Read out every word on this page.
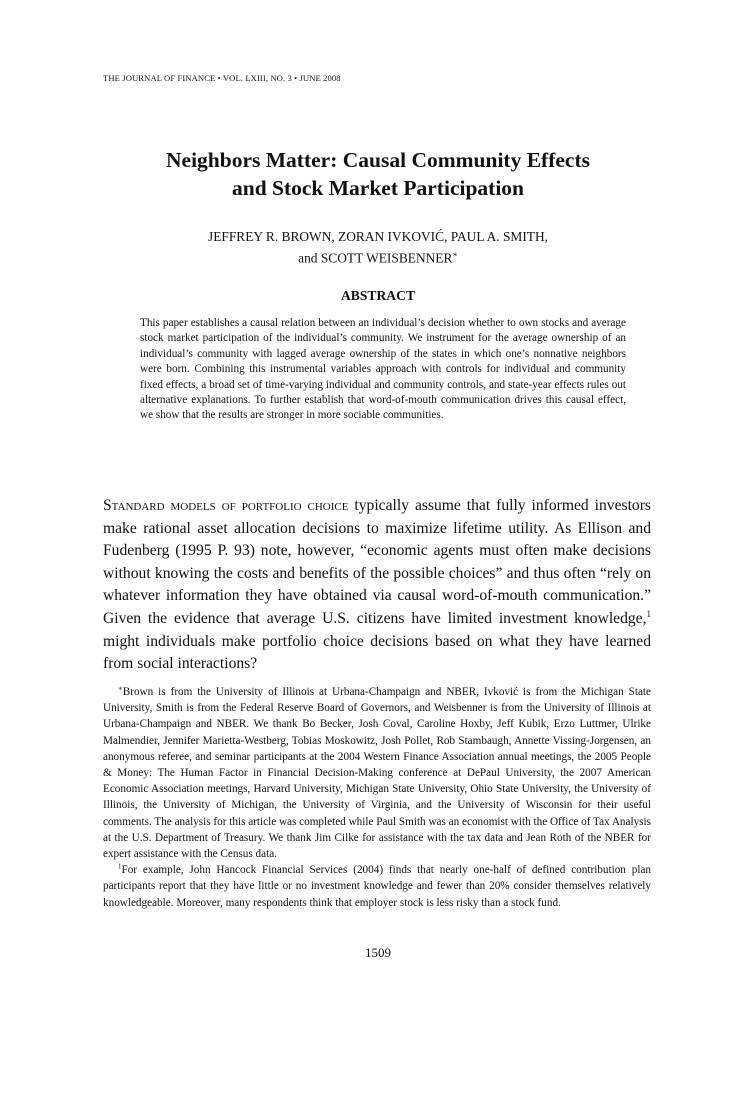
THE JOURNAL OF FINANCE • VOL. LXIII, NO. 3 • JUNE 2008
Neighbors Matter: Causal Community Effects
and Stock Market Participation
JEFFREY R. BROWN, ZORAN IVKOVIĆ, PAUL A. SMITH,
and SCOTT WEISBENNER∗
ABSTRACT
This paper establishes a causal relation between an individual’s decision whether to own stocks and average stock market participation of the individual’s community. We instrument for the average ownership of an individual’s community with lagged average ownership of the states in which one’s nonnative neighbors were born. Combining this instrumental variables approach with controls for individual and community fixed effects, a broad set of time-varying individual and community controls, and state-year effects rules out alternative explanations. To further establish that word-of-mouth communication drives this causal effect, we show that the results are stronger in more sociable communities.
Standard models of portfolio choice typically assume that fully informed investors make rational asset allocation decisions to maximize lifetime utility. As Ellison and Fudenberg (1995 P. 93) note, however, “economic agents must often make decisions without knowing the costs and benefits of the possible choices” and thus often “rely on whatever information they have obtained via causal word-of-mouth communication.” Given the evidence that average U.S. citizens have limited investment knowledge,$^1$ might individuals make portfolio choice decisions based on what they have learned from social interactions?

∗Brown is from the University of Illinois at Urbana-Champaign and NBER, Ivković is from the Michigan State University, Smith is from the Federal Reserve Board of Governors, and Weisbenner is from the University of Illinois at Urbana-Champaign and NBER. We thank Bo Becker, Josh Coval, Caroline Hoxby, Jeff Kubik, Erzo Luttmer, Ulrike Malmendier, Jennifer Marietta-Westberg, Tobias Moskowitz, Josh Pollet, Rob Stambaugh, Annette Vissing-Jorgensen, an anonymous referee, and seminar participants at the 2004 Western Finance Association annual meetings, the 2005 People & Money: The Human Factor in Financial Decision-Making conference at DePaul University, the 2007 American Economic Association meetings, Harvard University, Michigan State University, Ohio State University, the University of Illinois, the University of Michigan, the University of Virginia, and the University of Wisconsin for their useful comments. The analysis for this article was completed while Paul Smith was an economist with the Office of Tax Analysis at the U.S. Department of Treasury. We thank Jim Cilke for assistance with the tax data and Jean Roth of the NBER for expert assistance with the Census data.

$^1$For example, John Hancock Financial Services (2004) finds that nearly one-half of defined contribution plan participants report that they have little or no investment knowledge and fewer than 20% consider themselves relatively knowledgeable. Moreover, many respondents think that employer stock is less risky than a stock fund.

1509
